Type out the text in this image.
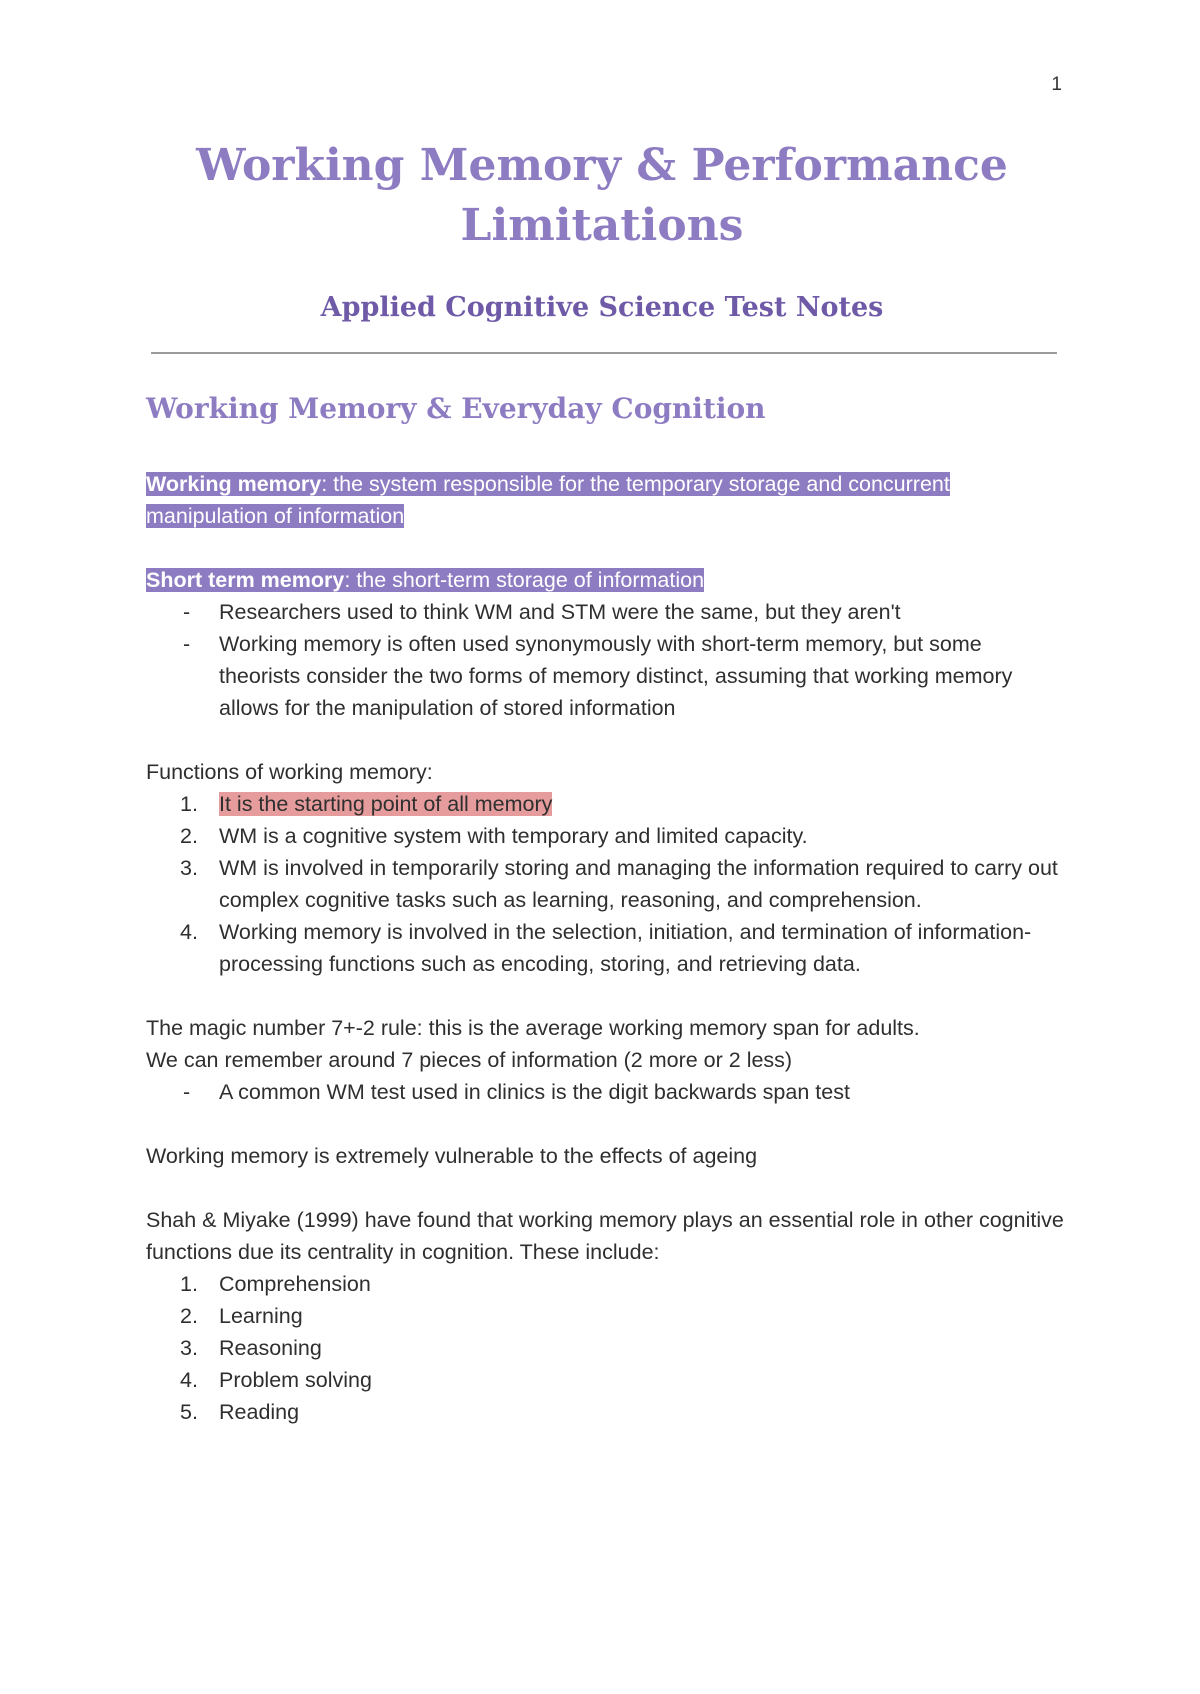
1
Working Memory & Performance Limitations
Applied Cognitive Science Test Notes
Working Memory & Everyday Cognition
Working memory: the system responsible for the temporary storage and concurrent manipulation of information
Short term memory: the short-term storage of information
- Researchers used to think WM and STM were the same, but they aren't
- Working memory is often used synonymously with short-term memory, but some theorists consider the two forms of memory distinct, assuming that working memory allows for the manipulation of stored information
Functions of working memory:
1. It is the starting point of all memory
2. WM is a cognitive system with temporary and limited capacity.
3. WM is involved in temporarily storing and managing the information required to carry out complex cognitive tasks such as learning, reasoning, and comprehension.
4. Working memory is involved in the selection, initiation, and termination of information-processing functions such as encoding, storing, and retrieving data.
The magic number 7+-2 rule: this is the average working memory span for adults.
We can remember around 7 pieces of information (2 more or 2 less)
- A common WM test used in clinics is the digit backwards span test
Working memory is extremely vulnerable to the effects of ageing
Shah & Miyake (1999) have found that working memory plays an essential role in other cognitive functions due its centrality in cognition. These include:
1. Comprehension
2. Learning
3. Reasoning
4. Problem solving
5. Reading
